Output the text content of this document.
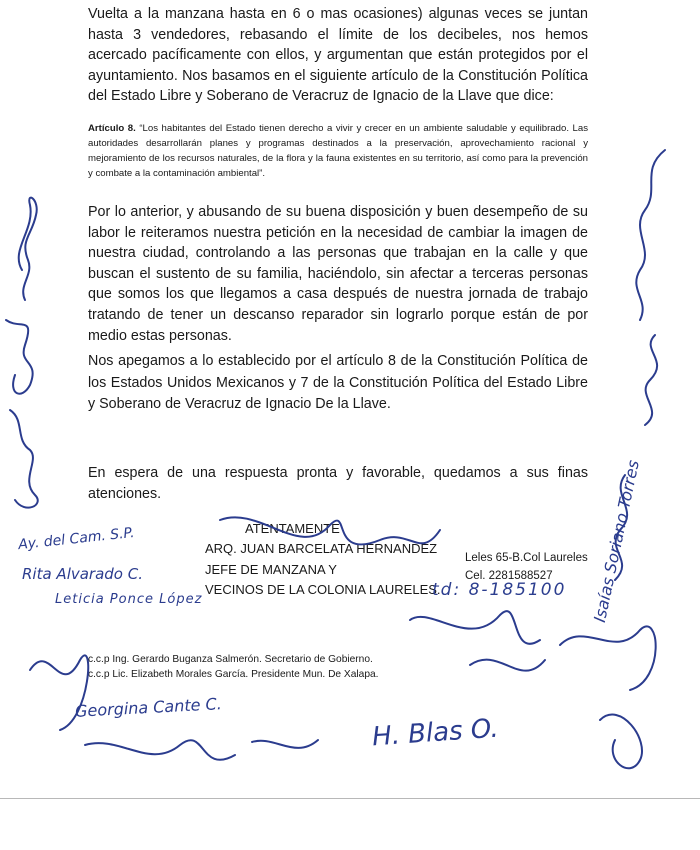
Vuelta a la manzana hasta en 6 o mas ocasiones) algunas veces se juntan hasta 3 vendedores, rebasando el límite de los decibeles, nos hemos acercado pacíficamente con ellos, y argumentan que están protegidos por el ayuntamiento. Nos basamos en el siguiente artículo de la Constitución Política del Estado Libre y Soberano de Veracruz de Ignacio de la Llave que dice:

Artículo 8. “Los habitantes del Estado tienen derecho a vivir y crecer en un ambiente saludable y equilibrado. Las autoridades desarrollarán planes y programas destinados a la preservación, aprovechamiento racional y mejoramiento de los recursos naturales, de la flora y la fauna existentes en su territorio, así como para la prevención y combate a la contaminación ambiental”.

Por lo anterior, y abusando de su buena disposición y buen desempeño de su labor le reiteramos nuestra petición en la necesidad de cambiar la imagen de nuestra ciudad, controlando a las personas que trabajan en la calle y que buscan el sustento de su familia, haciéndolo, sin afectar a terceras personas que somos los que llegamos a casa después de nuestra jornada de trabajo tratando de tener un descanso reparador sin lograrlo porque están de por medio estas personas.

Nos apegamos a lo establecido por el artículo 8 de la Constitución Política de los Estados Unidos Mexicanos y 7 de la Constitución Política del Estado Libre y Soberano de Veracruz de Ignacio De la Llave.

En espera de una respuesta pronta y favorable, quedamos a sus finas atenciones.

ATENTAMENTE
ARQ. JUAN BARCELATA HERNANDEZ
JEFE DE MANZANA Y
VECINOS DE LA COLONIA LAURELES.
Leles 65-B.Col Laureles
Cel. 2281588527
td: 8-185100
c.c.p Ing. Gerardo Buganza Salmerón. Secretario de Gobierno.
c.c.p Lic. Elizabeth Morales García. Presidente Mun. De Xalapa.
Ay. del Cam. S.P.
Rita Alvarado C.
Leticia Ponce López
Georgina Cante C.
H. Blas O.
Isaías Soriano Torres
